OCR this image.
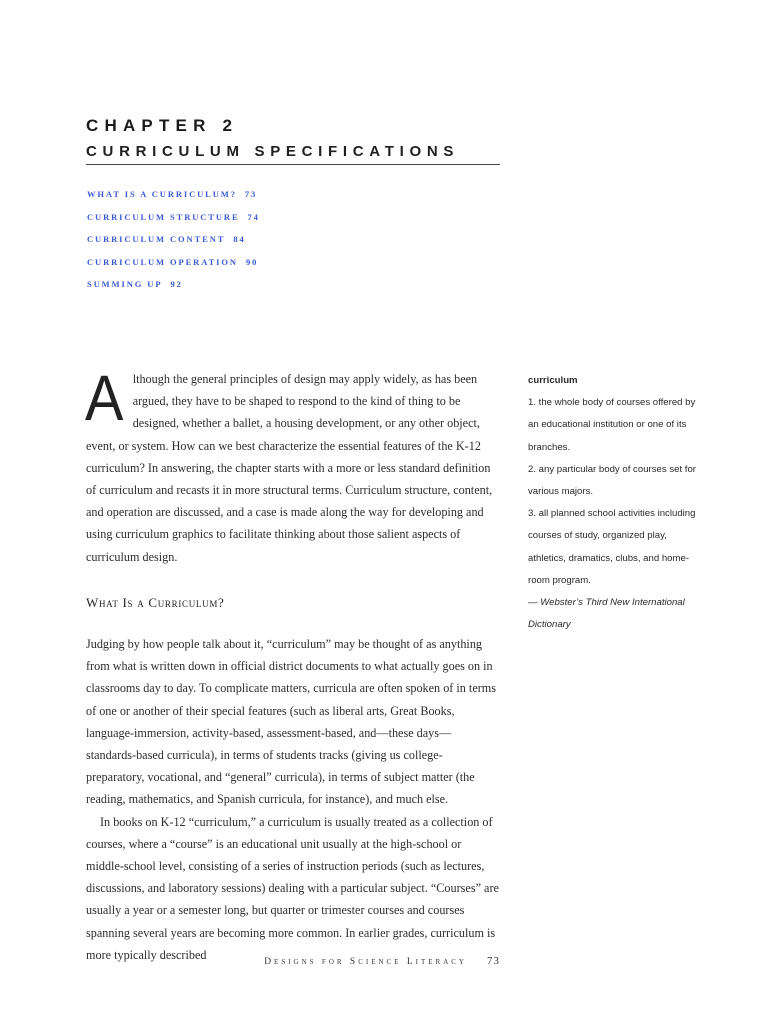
CHAPTER 2
CURRICULUM SPECIFICATIONS
WHAT IS A CURRICULUM? 73
CURRICULUM STRUCTURE 74
CURRICULUM CONTENT 84
CURRICULUM OPERATION 90
SUMMING UP 92

Although the general principles of design may apply widely, as has been argued, they have to be shaped to respond to the kind of thing to be designed, whether a ballet, a housing development, or any other object, event, or system. How can we best characterize the essential features of the K-12 curriculum? In answering, the chapter starts with a more or less standard definition of curriculum and recasts it in more structural terms. Curriculum structure, content, and operation are discussed, and a case is made along the way for developing and using curriculum graphics to facilitate thinking about those salient aspects of curriculum design.

What Is a Curriculum?

Judging by how people talk about it, “curriculum” may be thought of as anything from what is written down in official district documents to what actually goes on in classrooms day to day. To complicate matters, curricula are often spoken of in terms of one or another of their special features (such as liberal arts, Great Books, language-immersion, activity-based, assessment-based, and—these days—standards-based curricula), in terms of students tracks (giving us college-preparatory, vocational, and “general” curricula), in terms of subject matter (the reading, mathematics, and Spanish curricula, for instance), and much else.

In books on K-12 “curriculum,” a curriculum is usually treated as a collection of courses, where a “course” is an educational unit usually at the high-school or middle-school level, consisting of a series of instruction periods (such as lectures, discussions, and laboratory sessions) dealing with a particular subject. “Courses” are usually a year or a semester long, but quarter or trimester courses and courses spanning several years are becoming more common. In earlier grades, curriculum is more typically described

curriculum

1. the whole body of courses offered by an educational institution or one of its branches.

2. any particular body of courses set for various majors.

3. all planned school activities including courses of study, organized play, athletics, dramatics, clubs, and home-room program.

— Webster’s Third New International Dictionary

Designs for Science Literacy 73
